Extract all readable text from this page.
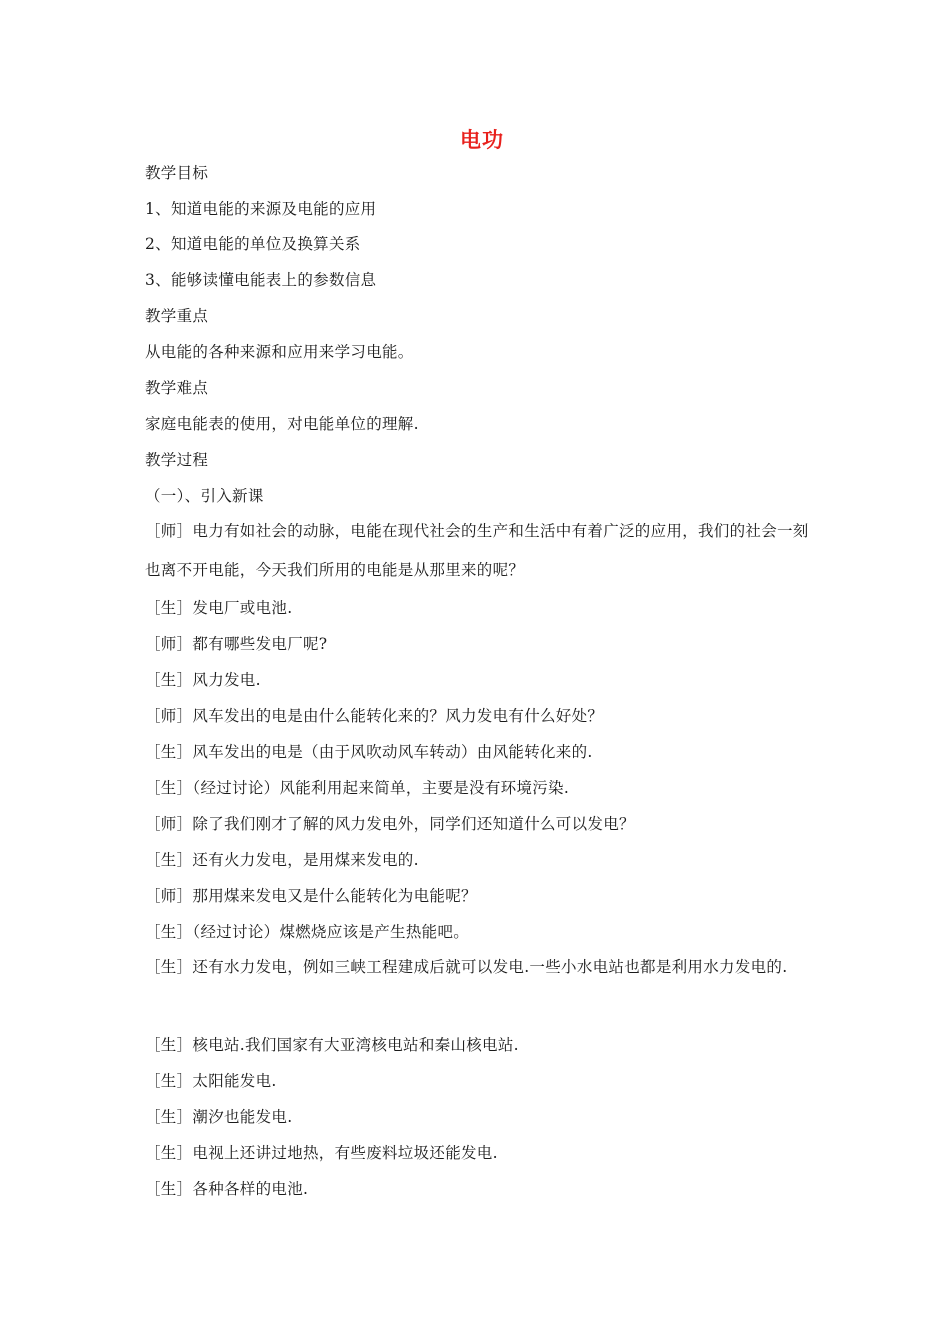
电功
教学目标
1、知道电能的来源及电能的应用
2、知道电能的单位及换算关系
3、能够读懂电能表上的参数信息
教学重点
从电能的各种来源和应用来学习电能。
教学难点
家庭电能表的使用，对电能单位的理解.
教学过程
（一）、引入新课
［师］电力有如社会的动脉，电能在现代社会的生产和生活中有着广泛的应用，我们的社会一刻也离不开电能，今天我们所用的电能是从那里来的呢？
［生］发电厂或电池.
［师］都有哪些发电厂呢?
［生］风力发电.
［师］风车发出的电是由什么能转化来的？风力发电有什么好处？
［生］风车发出的电是（由于风吹动风车转动）由风能转化来的.
［生］（经过讨论）风能利用起来简单，主要是没有环境污染.
［师］除了我们刚才了解的风力发电外，同学们还知道什么可以发电？
［生］还有火力发电，是用煤来发电的.
［师］那用煤来发电又是什么能转化为电能呢？
［生］（经过讨论）煤燃烧应该是产生热能吧。
［生］还有水力发电，例如三峡工程建成后就可以发电.一些小水电站也都是利用水力发电的.
［生］核电站.我们国家有大亚湾核电站和秦山核电站.
［生］太阳能发电.
［生］潮汐也能发电.
［生］电视上还讲过地热，有些废料垃圾还能发电.
［生］各种各样的电池.
